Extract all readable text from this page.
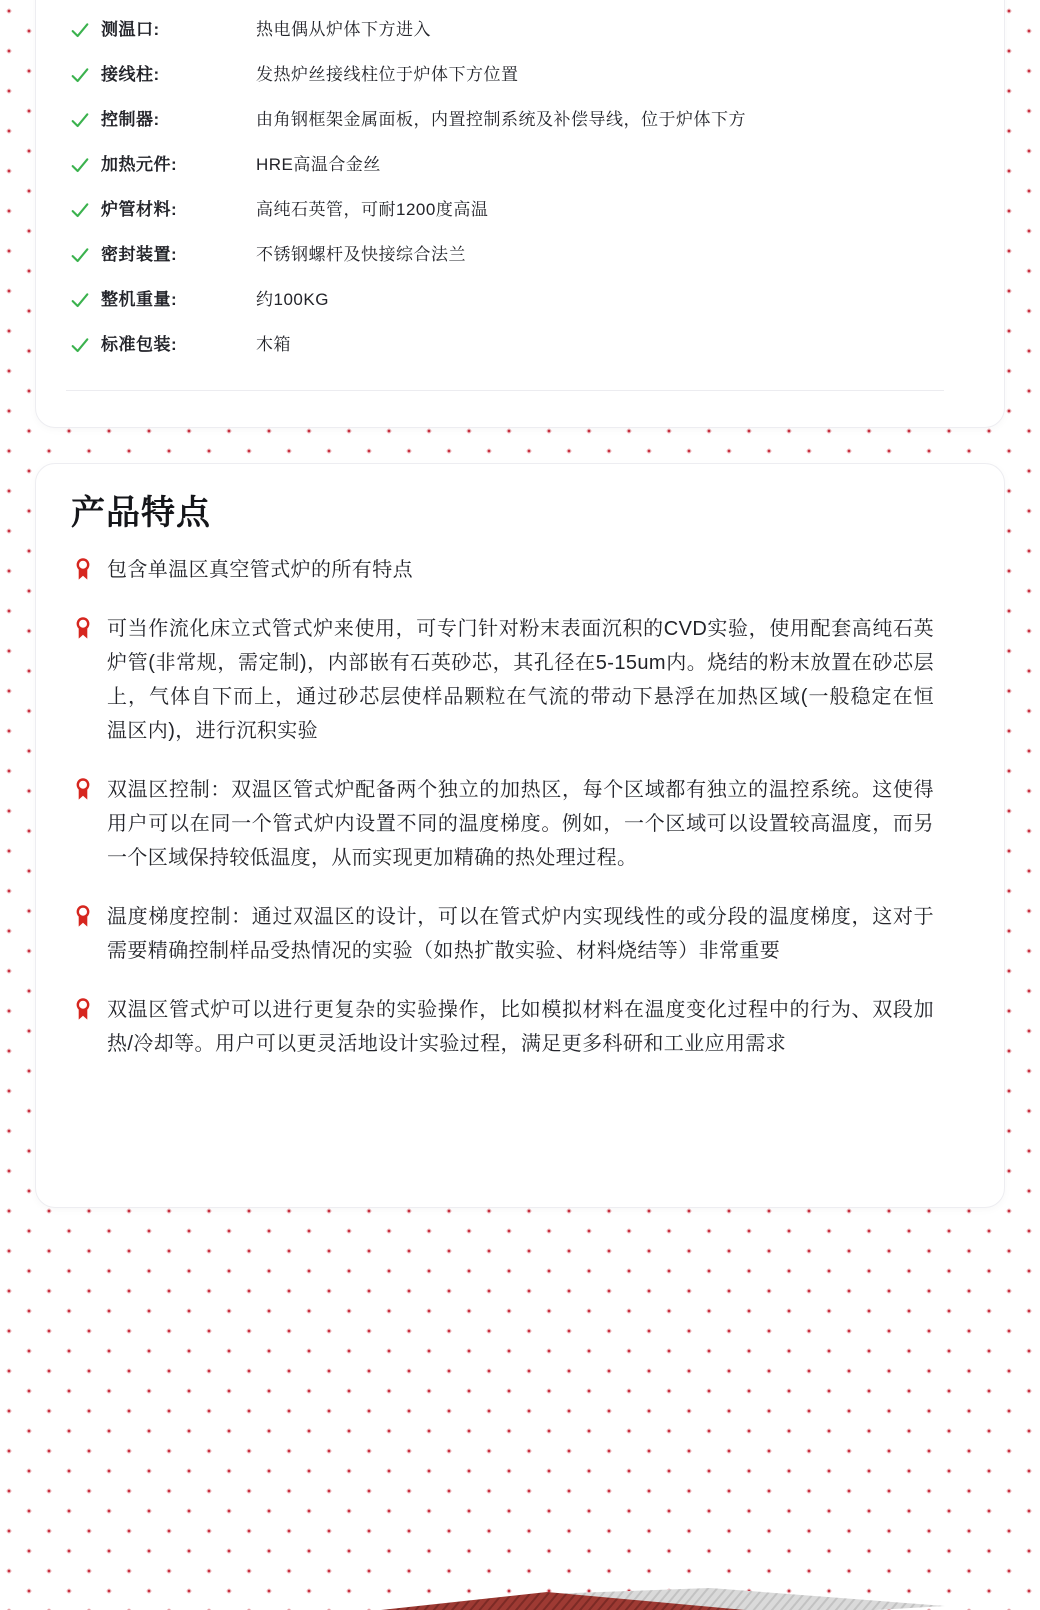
测温口:	热电偶从炉体下方进入
接线柱:	发热炉丝接线柱位于炉体下方位置
控制器:	由角钢框架金属面板，内置控制系统及补偿导线，位于炉体下方
加热元件:	HRE高温合金丝
炉管材料:	高纯石英管，可耐1200度高温
密封装置:	不锈钢螺杆及快接综合法兰
整机重量:	约100KG
标准包装:	木箱
产品特点

包含单温区真空管式炉的所有特点

可当作流化床立式管式炉来使用，可专门针对粉末表面沉积的CVD实验，使用配套高纯石英炉管(非常规，需定制)，内部嵌有石英砂芯，其孔径在5-15um内。烧结的粉末放置在砂芯层上，气体自下而上，通过砂芯层使样品颗粒在气流的带动下悬浮在加热区域(一般稳定在恒 温区内)，进行沉积实验

双温区控制：双温区管式炉配备两个独立的加热区，每个区域都有独立的温控系统。这使得用户可以在同一个管式炉内设置不同的温度梯度。例如，一个区域可以设置较高温度，而另一个区域保持较低温度，从而实现更加精确的热处理过程。

温度梯度控制：通过双温区的设计，可以在管式炉内实现线性的或分段的温度梯度，这对于需要精确控制样品受热情况的实验（如热扩散实验、材料烧结等）非常重要

双温区管式炉可以进行更复杂的实验操作，比如模拟材料在温度变化过程中的行为、双段加热/冷却等。用户可以更灵活地设计实验过程，满足更多科研和工业应用需求
